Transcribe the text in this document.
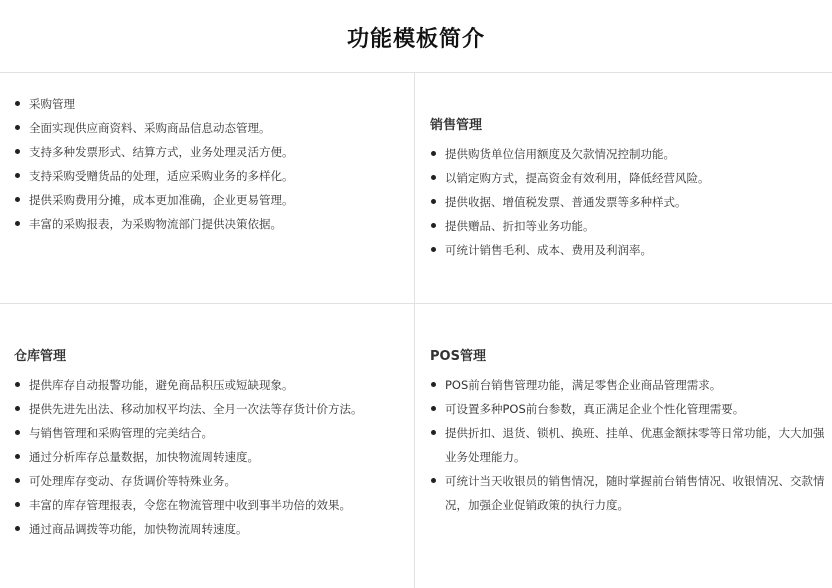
功能模板简介
采购管理
全面实现供应商资料、采购商品信息动态管理。
支持多种发票形式、结算方式，业务处理灵活方便。
支持采购受赠货品的处理，适应采购业务的多样化。
提供采购费用分摊，成本更加准确，企业更易管理。
丰富的采购报表，为采购物流部门提供决策依据。
销售管理
提供购货单位信用额度及欠款情况控制功能。
以销定购方式，提高资金有效利用，降低经营风险。
提供收据、增值税发票、普通发票等多种样式。
提供赠品、折扣等业务功能。
可统计销售毛利、成本、费用及利润率。
仓库管理
提供库存自动报警功能，避免商品积压或短缺现象。
提供先进先出法、移动加权平均法、全月一次法等存货计价方法。
与销售管理和采购管理的完美结合。
通过分析库存总量数据，加快物流周转速度。
可处理库存变动、存货调价等特殊业务。
丰富的库存管理报表，令您在物流管理中收到事半功倍的效果。
通过商品调拨等功能，加快物流周转速度。
POS管理
POS前台销售管理功能，满足零售企业商品管理需求。
可设置多种POS前台参数，真正满足企业个性化管理需要。
提供折扣、退货、锁机、换班、挂单、优惠金额抹零等日常功能，大大加强业务处理能力。
可统计当天收银员的销售情况，随时掌握前台销售情况、收银情况、交款情况，加强企业促销政策的执行力度。
